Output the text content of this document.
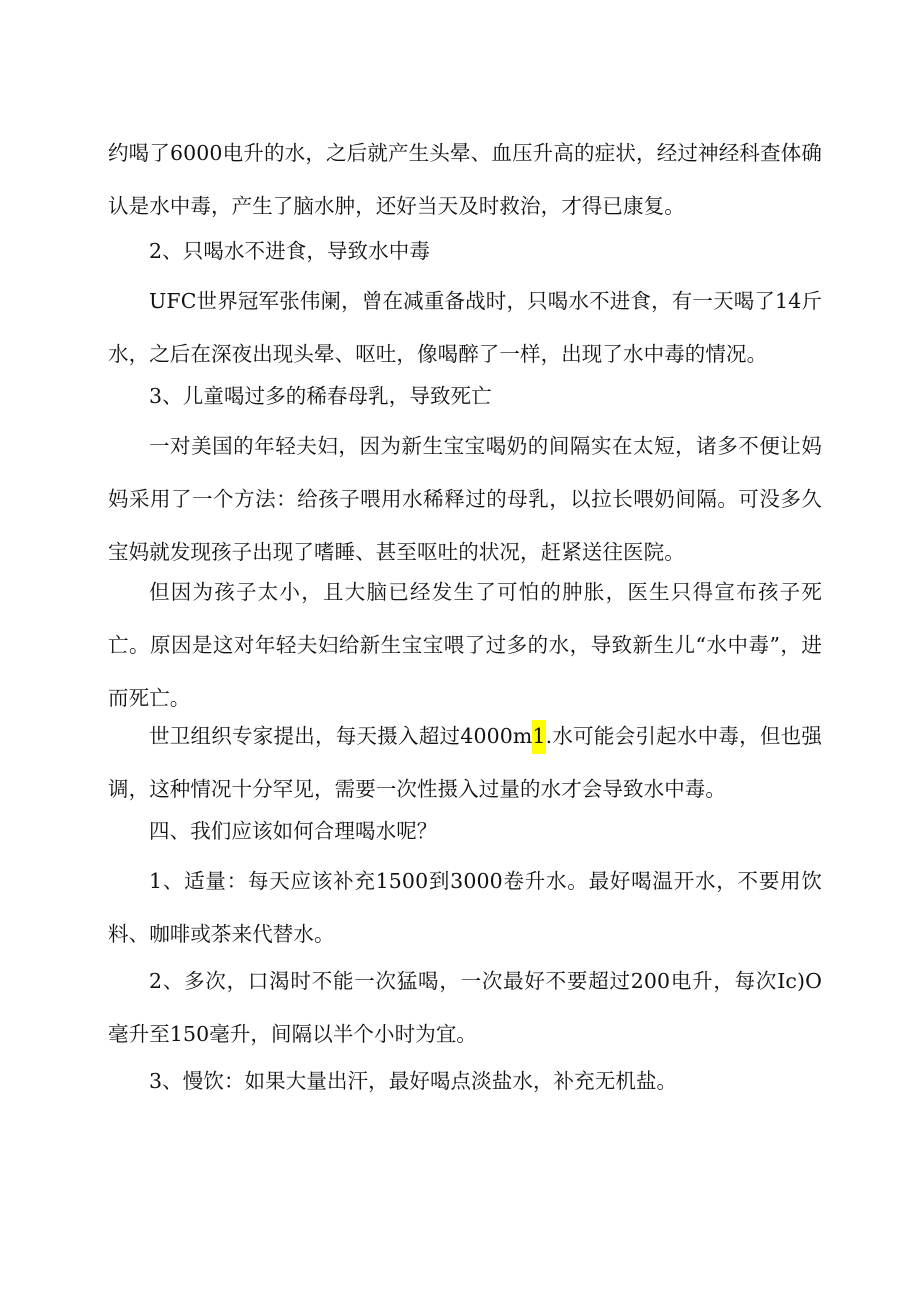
约喝了6000电升的水，之后就产生头晕、血压升高的症状，经过神经科查体确认是水中毒，产生了脑水肿，还好当天及时救治，才得已康复。

2、只喝水不进食，导致水中毒

UFC世界冠军张伟阑，曾在减重备战时，只喝水不进食，有一天喝了14斤水，之后在深夜出现头晕、呕吐，像喝醉了一样，出现了水中毒的情况。

3、儿童喝过多的稀春母乳，导致死亡

一对美国的年轻夫妇，因为新生宝宝喝奶的间隔实在太短，诸多不便让妈妈采用了一个方法：给孩子喂用水稀释过的母乳，以拉长喂奶间隔。可没多久宝妈就发现孩子出现了嗜睡、甚至呕吐的状况，赶紧送往医院。

但因为孩子太小，且大脑已经发生了可怕的肿胀，医生只得宣布孩子死亡。原因是这对年轻夫妇给新生宝宝喂了过多的水，导致新生儿“水中毒”，进而死亡。

世卫组织专家提出，每天摄入超过4000m1.水可能会引起水中毒，但也强调，这种情况十分罕见，需要一次性摄入过量的水才会导致水中毒。

四、我们应该如何合理喝水呢？

1、适量：每天应该补充1500到3000卷升水。最好喝温开水，不要用饮料、咖啡或茶来代替水。

2、多次，口渴时不能一次猛喝，一次最好不要超过200电升，每次Ic)O毫升至150毫升，间隔以半个小时为宜。

3、慢饮：如果大量出汗，最好喝点淡盐水，补充无机盐。
